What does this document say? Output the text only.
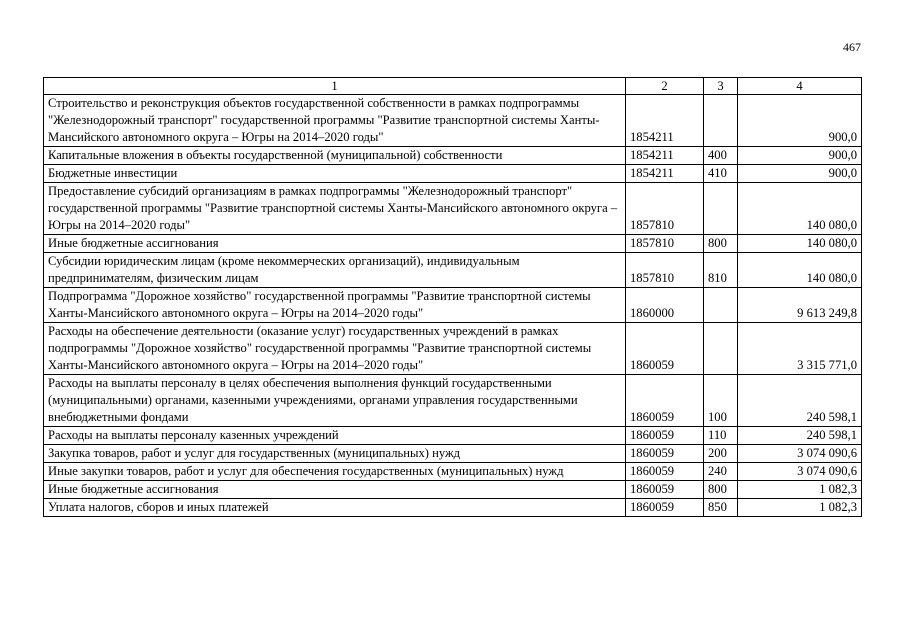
467
1	2	3	4
Строительство и реконструкция объектов государственной собственности в рамках подпрограммы "Железнодорожный транспорт" государственной программы "Развитие транспортной системы Ханты-Мансийского автономного округа – Югры на 2014–2020 годы"	1854211		900,0
Капитальные вложения в объекты государственной (муниципальной) собственности	1854211	400	900,0
Бюджетные инвестиции	1854211	410	900,0
Предоставление субсидий организациям в рамках подпрограммы "Железнодорожный транспорт" государственной программы "Развитие транспортной системы Ханты-Мансийского автономного округа – Югры на 2014–2020 годы"	1857810		140 080,0
Иные бюджетные ассигнования	1857810	800	140 080,0
Субсидии юридическим лицам (кроме некоммерческих организаций), индивидуальным предпринимателям, физическим лицам	1857810	810	140 080,0
Подпрограмма "Дорожное хозяйство" государственной программы "Развитие транспортной системы Ханты-Мансийского автономного округа – Югры на 2014–2020 годы"	1860000		9 613 249,8
Расходы на обеспечение деятельности (оказание услуг) государственных учреждений в рамках подпрограммы "Дорожное хозяйство" государственной программы "Развитие транспортной системы Ханты-Мансийского автономного округа – Югры на 2014–2020 годы"	1860059		3 315 771,0
Расходы на выплаты персоналу в целях обеспечения выполнения функций государственными (муниципальными) органами, казенными учреждениями, органами управления государственными внебюджетными фондами	1860059	100	240 598,1
Расходы на выплаты персоналу казенных учреждений	1860059	110	240 598,1
Закупка товаров, работ и услуг для государственных (муниципальных) нужд	1860059	200	3 074 090,6
Иные закупки товаров, работ и услуг для обеспечения государственных (муниципальных) нужд	1860059	240	3 074 090,6
Иные бюджетные ассигнования	1860059	800	1 082,3
Уплата налогов, сборов и иных платежей	1860059	850	1 082,3
